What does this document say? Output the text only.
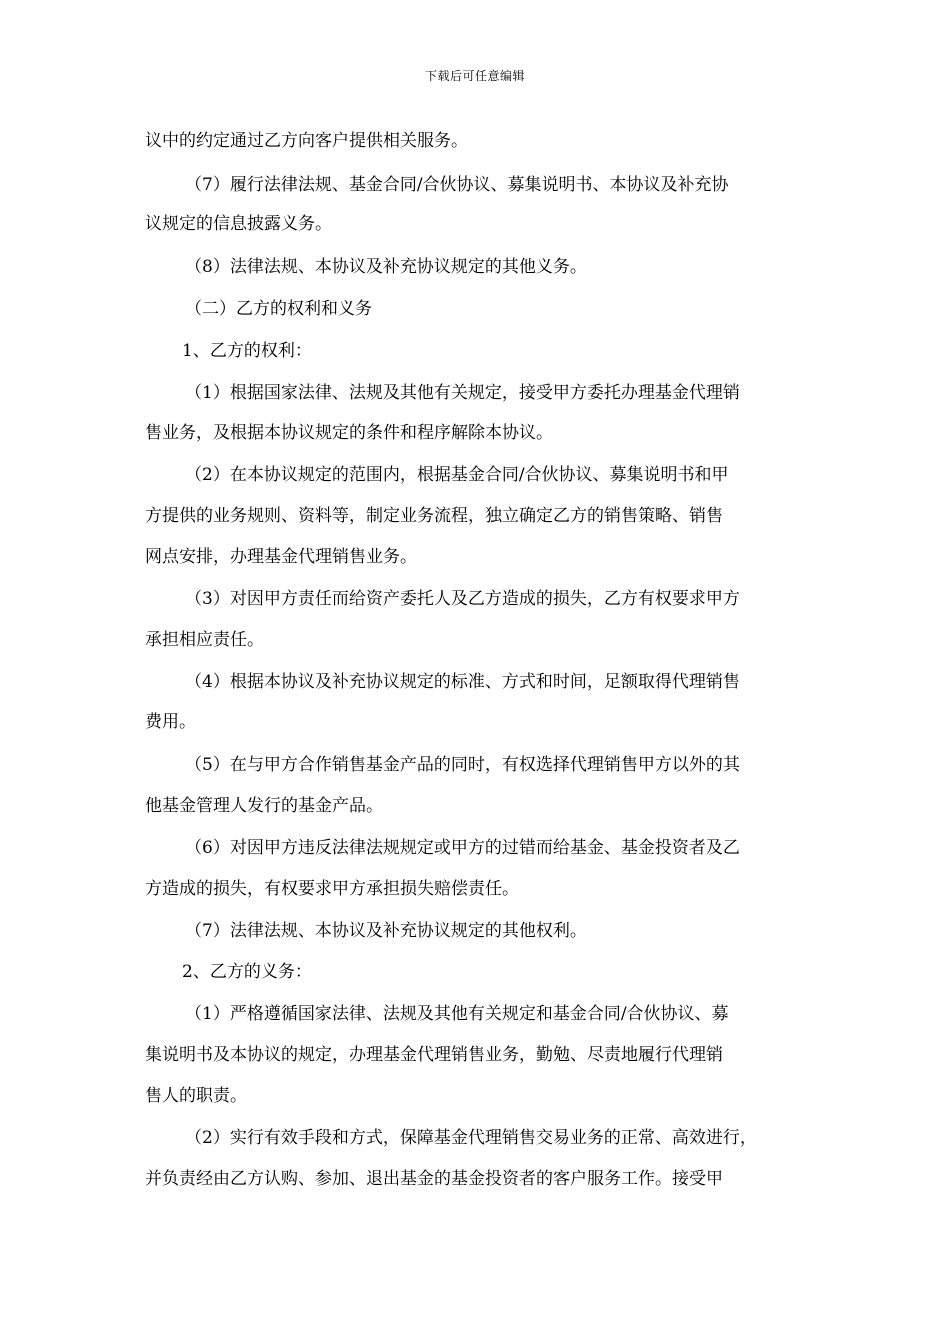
下载后可任意编辑
议中的约定通过乙方向客户提供相关服务。
（7）履行法律法规、基金合同/合伙协议、募集说明书、本协议及补充协
议规定的信息披露义务。
（8）法律法规、本协议及补充协议规定的其他义务。
（二）乙方的权利和义务
1、乙方的权利：
（1）根据国家法律、法规及其他有关规定，接受甲方委托办理基金代理销
售业务，及根据本协议规定的条件和程序解除本协议。
（2）在本协议规定的范围内，根据基金合同/合伙协议、募集说明书和甲
方提供的业务规则、资料等，制定业务流程，独立确定乙方的销售策略、销售
网点安排，办理基金代理销售业务。
（3）对因甲方责任而给资产委托人及乙方造成的损失，乙方有权要求甲方
承担相应责任。
（4）根据本协议及补充协议规定的标准、方式和时间，足额取得代理销售
费用。
（5）在与甲方合作销售基金产品的同时，有权选择代理销售甲方以外的其
他基金管理人发行的基金产品。
（6）对因甲方违反法律法规规定或甲方的过错而给基金、基金投资者及乙
方造成的损失，有权要求甲方承担损失赔偿责任。
（7）法律法规、本协议及补充协议规定的其他权利。
2、乙方的义务：
（1）严格遵循国家法律、法规及其他有关规定和基金合同/合伙协议、募
集说明书及本协议的规定，办理基金代理销售业务，勤勉、尽责地履行代理销
售人的职责。
（2）实行有效手段和方式，保障基金代理销售交易业务的正常、高效进行，
并负责经由乙方认购、参加、退出基金的基金投资者的客户服务工作。接受甲
